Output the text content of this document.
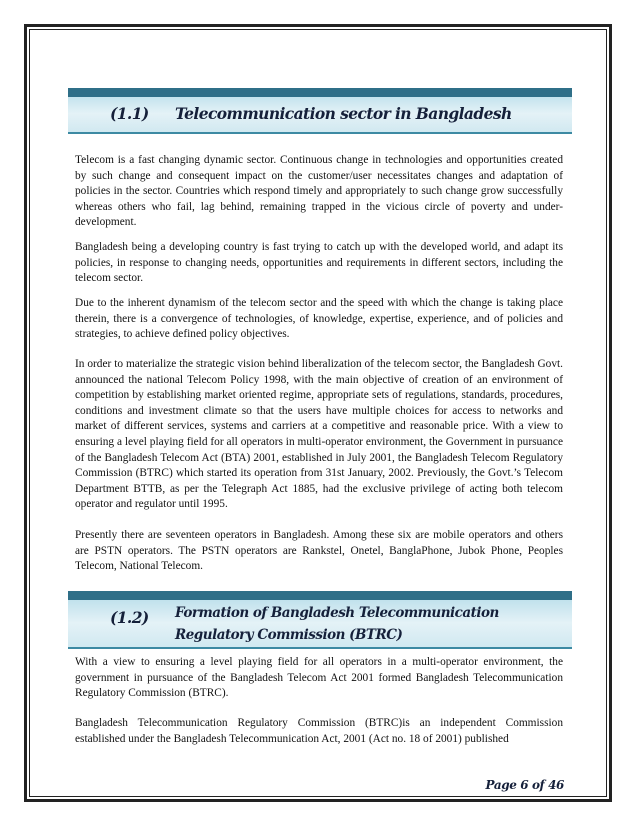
(1.1) Telecommunication sector in Bangladesh

Telecom is a fast changing dynamic sector. Continuous change in technologies and opportunities created by such change and consequent impact on the customer/user necessitates changes and adaptation of policies in the sector. Countries which respond timely and appropriately to such change grow successfully whereas others who fail, lag behind, remaining trapped in the vicious circle of poverty and under-development.

Bangladesh being a developing country is fast trying to catch up with the developed world, and adapt its policies, in response to changing needs, opportunities and requirements in different sectors, including the telecom sector.

Due to the inherent dynamism of the telecom sector and the speed with which the change is taking place therein, there is a convergence of technologies, of knowledge, expertise, experience, and of policies and strategies, to achieve defined policy objectives.

In order to materialize the strategic vision behind liberalization of the telecom sector, the Bangladesh Govt. announced the national Telecom Policy 1998, with the main objective of creation of an environment of competition by establishing market oriented regime, appropriate sets of regulations, standards, procedures, conditions and investment climate so that the users have multiple choices for access to networks and market of different services, systems and carriers at a competitive and reasonable price. With a view to ensuring a level playing field for all operators in multi-operator environment, the Government in pursuance of the Bangladesh Telecom Act (BTA) 2001, established in July 2001, the Bangladesh Telecom Regulatory Commission (BTRC) which started its operation from 31st January, 2002. Previously, the Govt.’s Telecom Department BTTB, as per the Telegraph Act 1885, had the exclusive privilege of acting both telecom operator and regulator until 1995.

Presently there are seventeen operators in Bangladesh. Among these six are mobile operators and others are PSTN operators. The PSTN operators are Rankstel, Onetel, BanglaPhone, Jubok Phone, Peoples Telecom, National Telecom.

(1.2) Formation of Bangladesh Telecommunication Regulatory Commission (BTRC)

With a view to ensuring a level playing field for all operators in a multi-operator environment, the government in pursuance of the Bangladesh Telecom Act 2001 formed Bangladesh Telecommunication Regulatory Commission (BTRC).

Bangladesh Telecommunication Regulatory Commission (BTRC)is an independent Commission established under the Bangladesh Telecommunication Act, 2001 (Act no. 18 of 2001) published

Page 6 of 46
